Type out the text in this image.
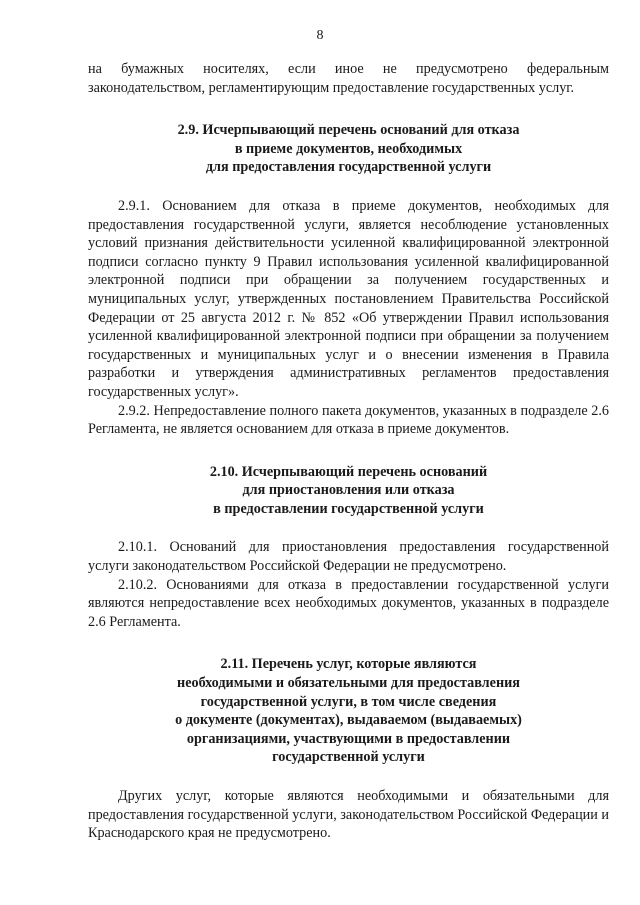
8

на бумажных носителях, если иное не предусмотрено федеральным законодательством, регламентирующим предоставление государственных услуг.

2.9. Исчерпывающий перечень оснований для отказа
в приеме документов, необходимых
для предоставления государственной услуги

2.9.1. Основанием для отказа в приеме документов, необходимых для предоставления государственной услуги, является несоблюдение установленных условий признания действительности усиленной квалифицированной электронной подписи согласно пункту 9 Правил использования усиленной квалифицированной электронной подписи при обращении за получением государственных и муниципальных услуг, утвержденных постановлением Правительства Российской Федерации от 25 августа 2012 г. № 852 «Об утверждении Правил использования усиленной квалифицированной электронной подписи при обращении за получением государственных и муниципальных услуг и о внесении изменения в Правила разработки и утверждения административных регламентов предоставления государственных услуг».

2.9.2. Непредоставление полного пакета документов, указанных в подразделе 2.6 Регламента, не является основанием для отказа в приеме документов.

2.10. Исчерпывающий перечень оснований
для приостановления или отказа
в предоставлении государственной услуги

2.10.1. Оснований для приостановления предоставления государственной услуги законодательством Российской Федерации не предусмотрено.

2.10.2. Основаниями для отказа в предоставлении государственной услуги являются непредоставление всех необходимых документов, указанных в подразделе 2.6 Регламента.

2.11. Перечень услуг, которые являются
необходимыми и обязательными для предоставления
государственной услуги, в том числе сведения
о документе (документах), выдаваемом (выдаваемых)
организациями, участвующими в предоставлении
государственной услуги

Других услуг, которые являются необходимыми и обязательными для предоставления государственной услуги, законодательством Российской Федерации и Краснодарского края не предусмотрено.
